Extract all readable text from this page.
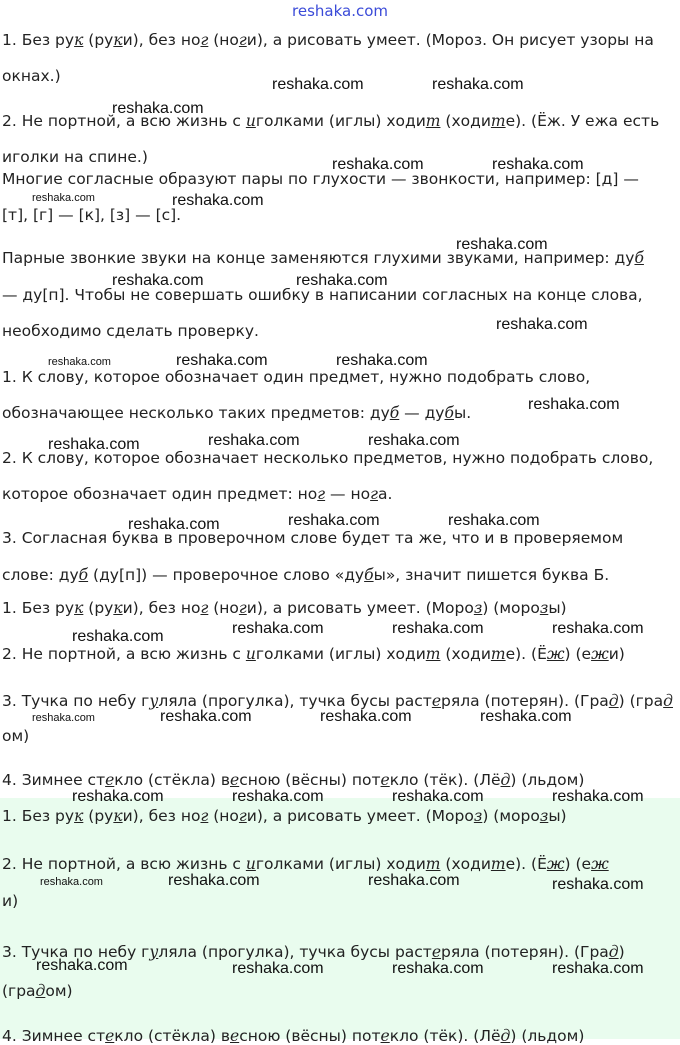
reshaka.com
1. Без рук (руки), без ног (ноги), а рисовать умеет. (Мороз. Он рисует узоры на
окнах.)
2. Не портной, а всю жизнь с иголками (иглы) ходит (ходите). (Ёж. У ежа есть
иголки на спине.)
Многие согласные образуют пары по глухости — звонкости, например: [д] —
[т], [г] — [к], [з] — [с].
Парные звонкие звуки на конце заменяются глухими звуками, например: дуб
— ду[п]. Чтобы не совершать ошибку в написании согласных на конце слова,
необходимо сделать проверку.
1. К слову, которое обозначает один предмет, нужно подобрать слово,
обозначающее несколько таких предметов: дуб — дубы.
2. К слову, которое обозначает несколько предметов, нужно подобрать слово,
которое обозначает один предмет: ног — нога.
3. Согласная буква в проверочном слове будет та же, что и в проверяемом
слове: дуб (ду[п]) — проверочное слово «дубы», значит пишется буква Б.
1. Без рук (руки), без ног (ноги), а рисовать умеет. (Мороз) (морозы)
2. Не портной, а всю жизнь с иголками (иглы) ходит (ходите). (Ёж) (ежи)
3. Тучка по небу гуляла (прогулка), тучка бусы растеряла (потерян). (Град) (град
ом)
4. Зимнее стекло (стёкла) весною (вёсны) потекло (тёк). (Лёд) (льдом)
1. Без рук (руки), без ног (ноги), а рисовать умеет. (Мороз) (морозы)
2. Не портной, а всю жизнь с иголками (иглы) ходит (ходите). (Ёж) (еж
и)
3. Тучка по небу гуляла (прогулка), тучка бусы растеряла (потерян). (Град)
(градом)
4. Зимнее стекло (стёкла) весною (вёсны) потекло (тёк). (Лёд) (льдом)
reshaka.com	reshaka.com
reshaka.com
reshaka.com	reshaka.com
reshaka.com	reshaka.com
reshaka.com
reshaka.com	reshaka.com
reshaka.com
reshaka.com	reshaka.com	reshaka.com
reshaka.com
reshaka.com	reshaka.com	reshaka.com
reshaka.com	reshaka.com	reshaka.com
reshaka.com	reshaka.com	reshaka.com	reshaka.com
reshaka.com	reshaka.com	reshaka.com	reshaka.com
reshaka.com	reshaka.com	reshaka.com	reshaka.com
reshaka.com	reshaka.com	reshaka.com	reshaka.com
reshaka.com	reshaka.com	reshaka.com	reshaka.com
